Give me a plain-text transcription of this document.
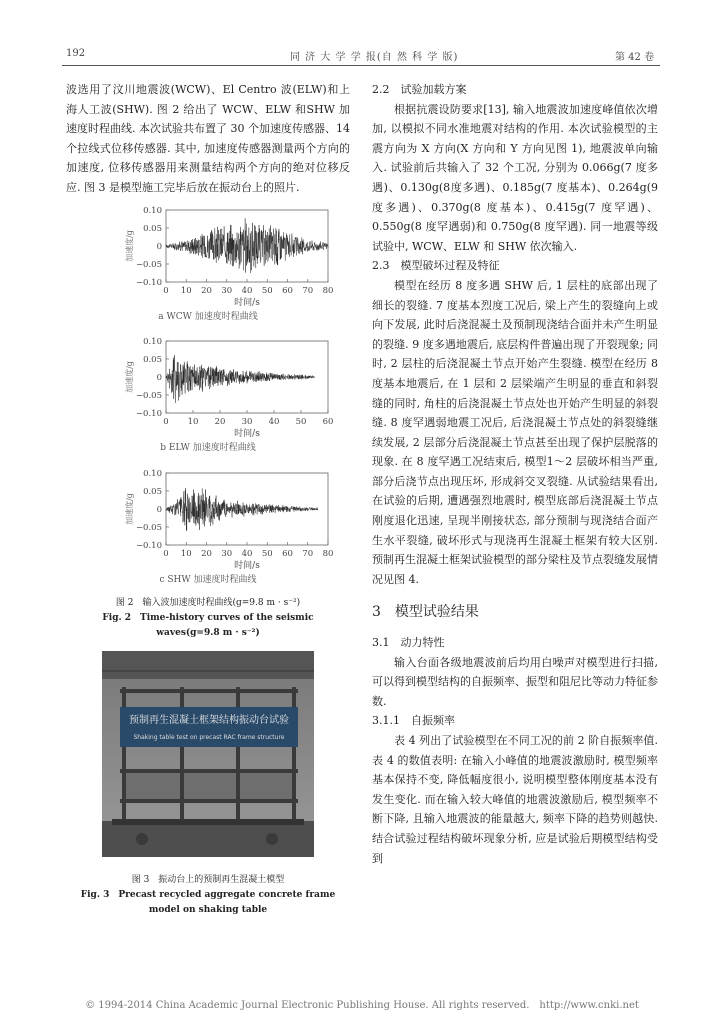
192	同 济 大 学 学 报(自 然 科 学 版)	第 42 卷

波选用了汶川地震波(WCW)、El Centro 波(ELW)和上海人工波(SHW). 图 2 给出了 WCW、ELW 和SHW 加速度时程曲线. 本次试验共布置了 30 个加速度传感器、14 个拉线式位移传感器. 其中, 加速度传感器测量两个方向的加速度, 位移传感器用来测量结构两个方向的绝对位移反应. 图 3 是模型施工完毕后放在振动台上的照片.

0.10
0.05
0
−0.05
−0.10
0 10 20 30 40 50 60 70 80
加速度/g
时间/s
a WCW 加速度时程曲线
0.10
0.05
0
−0.05
−0.10
0 10 20 30 40 50 60
加速度/g
时间/s
b ELW 加速度时程曲线
0.10
0.05
0
−0.05
−0.10
0 10 20 30 40 50 60 70 80
加速度/g
时间/s
c SHW 加速度时程曲线
图 2　输入波加速度时程曲线(g=9.8 m · s⁻²)
Fig. 2　Time-history curves of the seismic
waves(g=9.8 m · s⁻²)
预制再生混凝土框架结构振动台试验
Shaking table test on precast RAC frame structure
图 3　振动台上的预制再生混凝土模型
Fig. 3　Precast recycled aggregate concrete frame
model on shaking table

2.2　试验加载方案

根据抗震设防要求[13], 输入地震波加速度峰值依次增加, 以模拟不同水准地震对结构的作用. 本次试验模型的主震方向为 X 方向(X 方向和 Y 方向见图 1), 地震波单向输入. 试验前后共输入了 32 个工况, 分别为 0.066g(7 度多遇)、0.130g(8度多遇)、0.185g(7 度基本)、0.264g(9 度多遇)、0.370g(8 度基本)、0.415g(7 度罕遇)、0.550g(8 度罕遇弱)和 0.750g(8 度罕遇). 同一地震等级试验中, WCW、ELW 和 SHW 依次输入.

2.3　模型破坏过程及特征

模型在经历 8 度多遇 SHW 后, 1 层柱的底部出现了细长的裂缝. 7 度基本烈度工况后, 梁上产生的裂缝向上或向下发展, 此时后浇混凝土及预制现浇结合面并未产生明显的裂缝. 9 度多遇地震后, 底层构件普遍出现了开裂现象; 同时, 2 层柱的后浇混凝土节点开始产生裂缝. 模型在经历 8 度基本地震后, 在 1 层和 2 层梁端产生明显的垂直和斜裂缝的同时, 角柱的后浇混凝土节点处也开始产生明显的斜裂缝. 8 度罕遇弱地震工况后, 后浇混凝土节点处的斜裂缝继续发展, 2 层部分后浇混凝土节点甚至出现了保护层脱落的现象. 在 8 度罕遇工况结束后, 模型1～2 层破坏相当严重, 部分后浇节点出现压坏, 形成斜交叉裂缝. 从试验结果看出, 在试验的后期, 遭遇强烈地震时, 模型底部后浇混凝土节点刚度退化迅速, 呈现半刚接状态, 部分预制与现浇结合面产生水平裂缝, 破坏形式与现浇再生混凝土框架有较大区别. 预制再生混凝土框架试验模型的部分梁柱及节点裂缝发展情况见图 4.

3　模型试验结果

3.1　动力特性

输入台面各级地震波前后均用白噪声对模型进行扫描, 可以得到模型结构的自振频率、振型和阻尼比等动力特征参数.

3.1.1　自振频率

表 4 列出了试验模型在不同工况的前 2 阶自振频率值. 表 4 的数值表明: 在输入小峰值的地震波激励时, 模型频率基本保持不变, 降低幅度很小, 说明模型整体刚度基本没有发生变化. 而在输入较大峰值的地震波激励后, 模型频率不断下降, 且输入地震波的能量越大, 频率下降的趋势则越快. 结合试验过程结构破坏现象分析, 应是试验后期模型结构受到

© 1994-2014 China Academic Journal Electronic Publishing House. All rights reserved.　http://www.cnki.net
